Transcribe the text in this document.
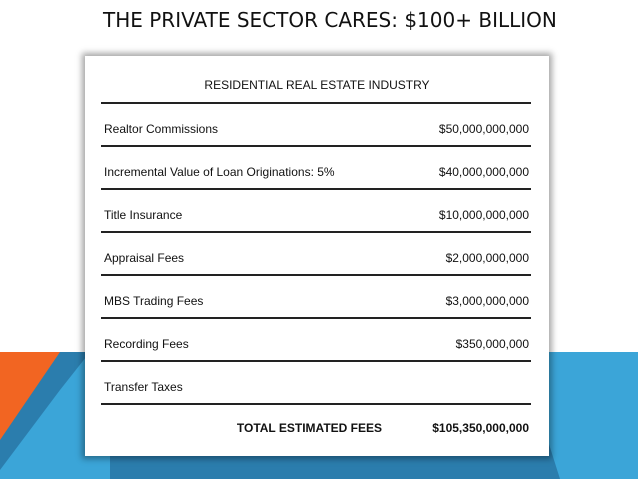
THE PRIVATE SECTOR CARES: $100+ BILLION
RESIDENTIAL REAL ESTATE INDUSTRY
Realtor Commissions	$50,000,000,000
Incremental Value of Loan Originations: 5%	$40,000,000,000
Title Insurance	$10,000,000,000
Appraisal Fees	$2,000,000,000
MBS Trading Fees	$3,000,000,000
Recording Fees	$350,000,000
Transfer Taxes
TOTAL ESTIMATED FEES	$105,350,000,000
